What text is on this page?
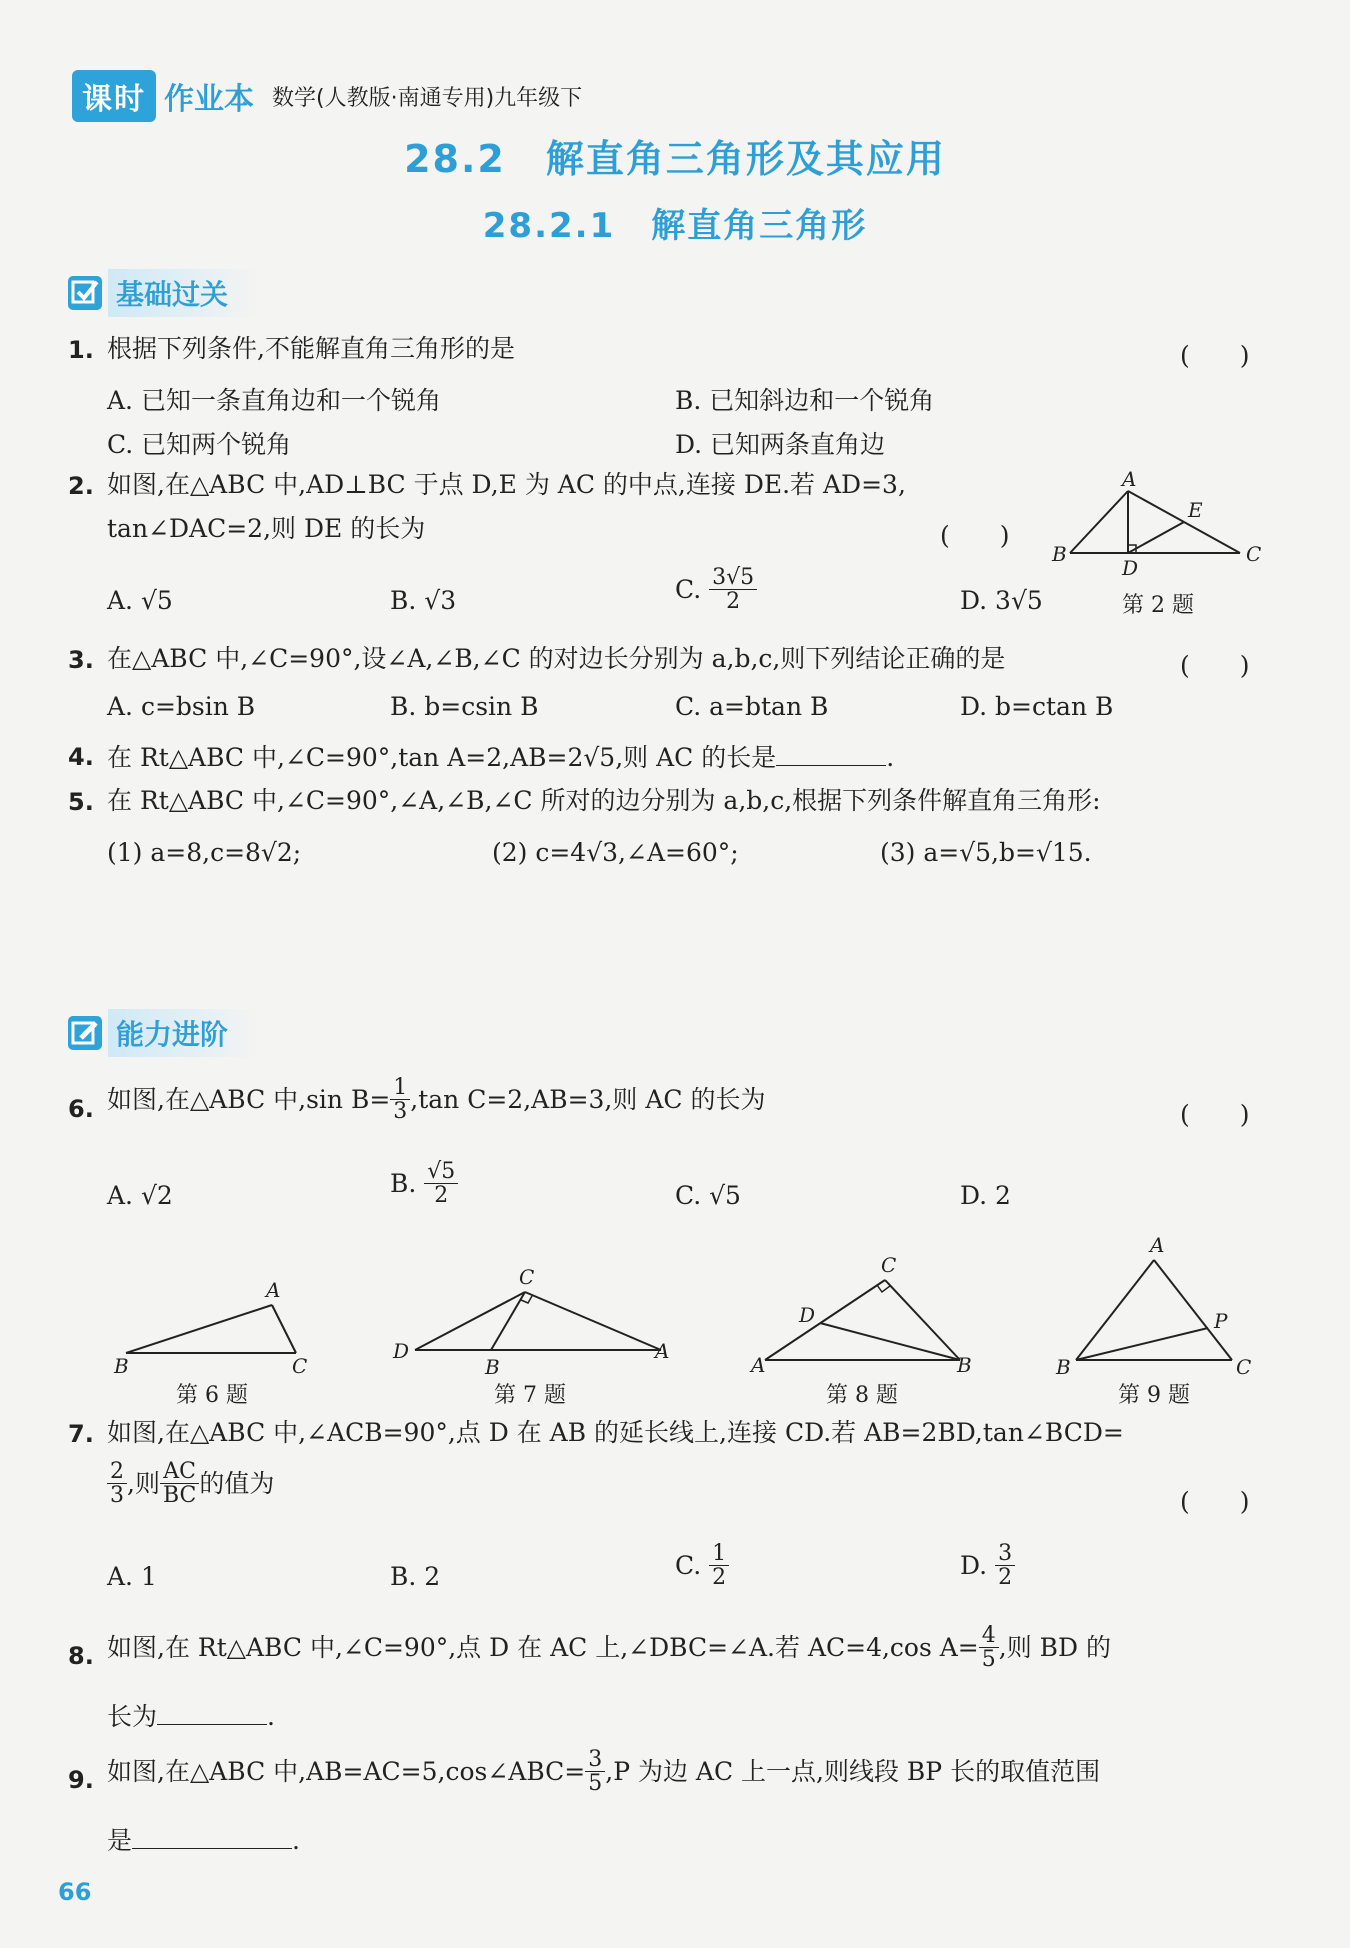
课时 作业本 数学(人教版·南通专用)九年级下
28.2　解直角三角形及其应用
28.2.1　解直角三角形
基础过关
1. 根据下列条件,不能解直角三角形的是	(　　)
A. 已知一条直角边和一个锐角	B. 已知斜边和一个锐角
C. 已知两个锐角	D. 已知两条直角边
2. 如图,在△ABC 中,AD⊥BC 于点 D,E 为 AC 的中点,连接 DE.若 AD=3,
tan∠DAC=2,则 DE 的长为	(　　)
A. √5	B. √3	C. $\frac{3√5}{2}$	D. 3√5
A
B	C
D
E
第 2 题
3. 在△ABC 中,∠C=90°,设∠A,∠B,∠C 的对边长分别为 a,b,c,则下列结论正确的是	(　　)
A. c=bsin B	B. b=csin B	C. a=btan B	D. b=ctan B
4. 在 Rt△ABC 中,∠C=90°,tan A=2,AB=2√5,则 AC 的长是	.
5. 在 Rt△ABC 中,∠C=90°,∠A,∠B,∠C 所对的边分别为 a,b,c,根据下列条件解直角三角形:
(1) a=8,c=8√2;	(2) c=4√3,∠A=60°;	(3) a=√5,b=√15.
能力进阶
6. 如图,在△ABC 中,sin $B= \frac{1}{3} ,\tan$ C=2,AB=3,则 AC 的长为
(　　)
A. √2	B. $\frac{√5}{2}$	C. √5	D. 2
A
B	C
第 6 题
C
D
B
A
第 7 题
C
D
A	B
第 8 题
A
P
B	C
第 9 题
7. 如图,在△ABC 中,∠ACB=90°,点 D 在 AB 的延长线上,连接 CD.若 AB=2BD,tan∠BCD=
$\frac{2}{3}$ ,则 $\frac{AC}{BC}$ 的值为
(　　)
A. 1	B. 2	C. $\frac{1}{2}$	D. $\frac{3}{2}$
8. 如图,在 Rt△ABC 中,∠C=90°,点 D 在 AC 上,∠DBC=∠A.若 AC=4,cos $A= \frac{4}{5}$ ,则 BD 的
长为	.
9. 如图,在△ABC 中,AB=AC=5,cos∠ABC= $\frac{3}{5} ,P$ 为边 AC 上一点,则线段 BP 长的取值范围
是	.
66
